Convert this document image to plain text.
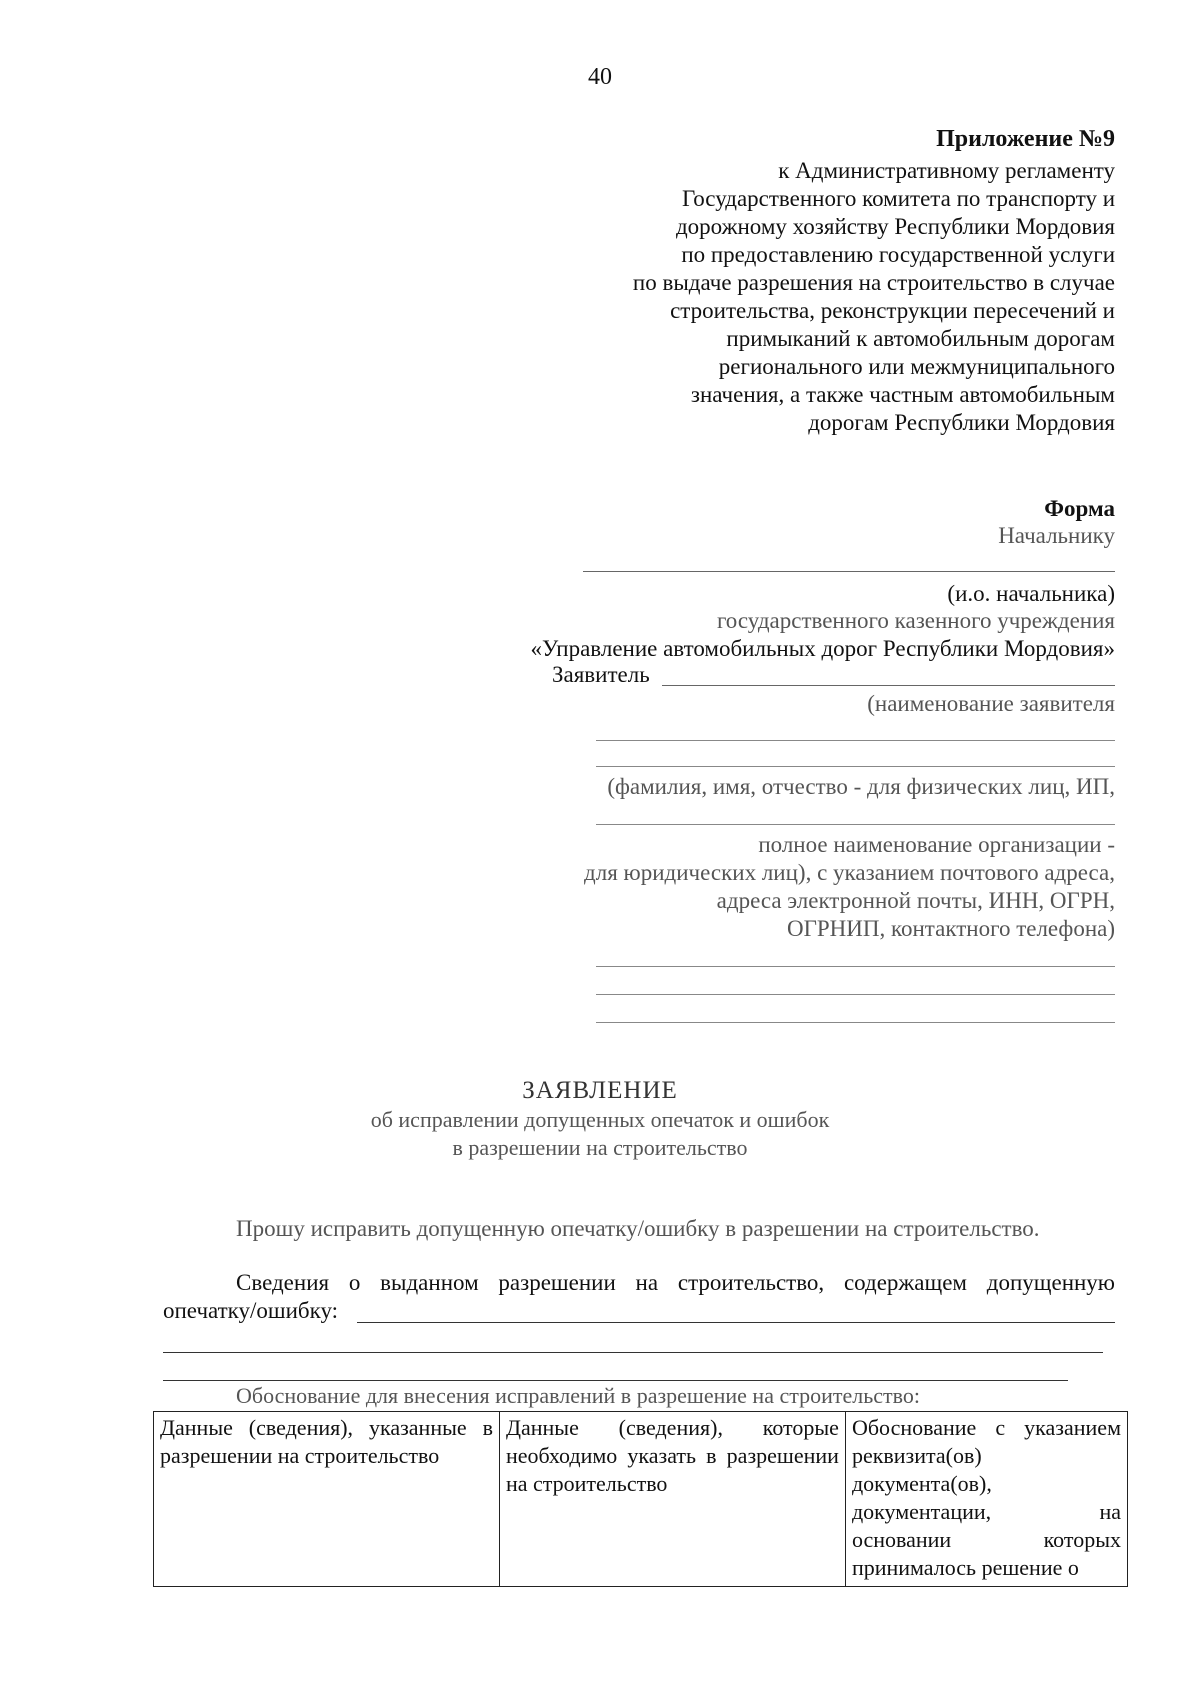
40
Приложение №9
к Административному регламенту
Государственного комитета по транспорту и
дорожному хозяйству Республики Мордовия
по предоставлению государственной услуги
по выдаче разрешения на строительство в случае
строительства, реконструкции пересечений и
примыканий к автомобильным дорогам
регионального или межмуниципального
значения, а также частным автомобильным
дорогам Республики Мордовия
Форма
Начальнику
(и.о. начальника)
государственного казенного учреждения
«Управление автомобильных дорог Республики Мордовия»
Заявитель
(наименование заявителя
(фамилия, имя, отчество - для физических лиц, ИП,
полное наименование организации -
для юридических лиц), с указанием почтового адреса,
адреса электронной почты, ИНН, ОГРН,
ОГРНИП, контактного телефона)
ЗАЯВЛЕНИЕ
об исправлении допущенных опечаток и ошибок
в разрешении на строительство
Прошу исправить допущенную опечатку/ошибку в разрешении на строительство.
Сведения о выданном разрешении на строительство, содержащем допущенную
опечатку/ошибку:
Обоснование для внесения исправлений в разрешение на строительство:
Данные (сведения), указанные в разрешении на строительство	Данные (сведения), которые необходимо указать в разрешении на строительство	Обоснование с указанием реквизита(ов) документа(ов), документации, на основании которых принималось решение о
